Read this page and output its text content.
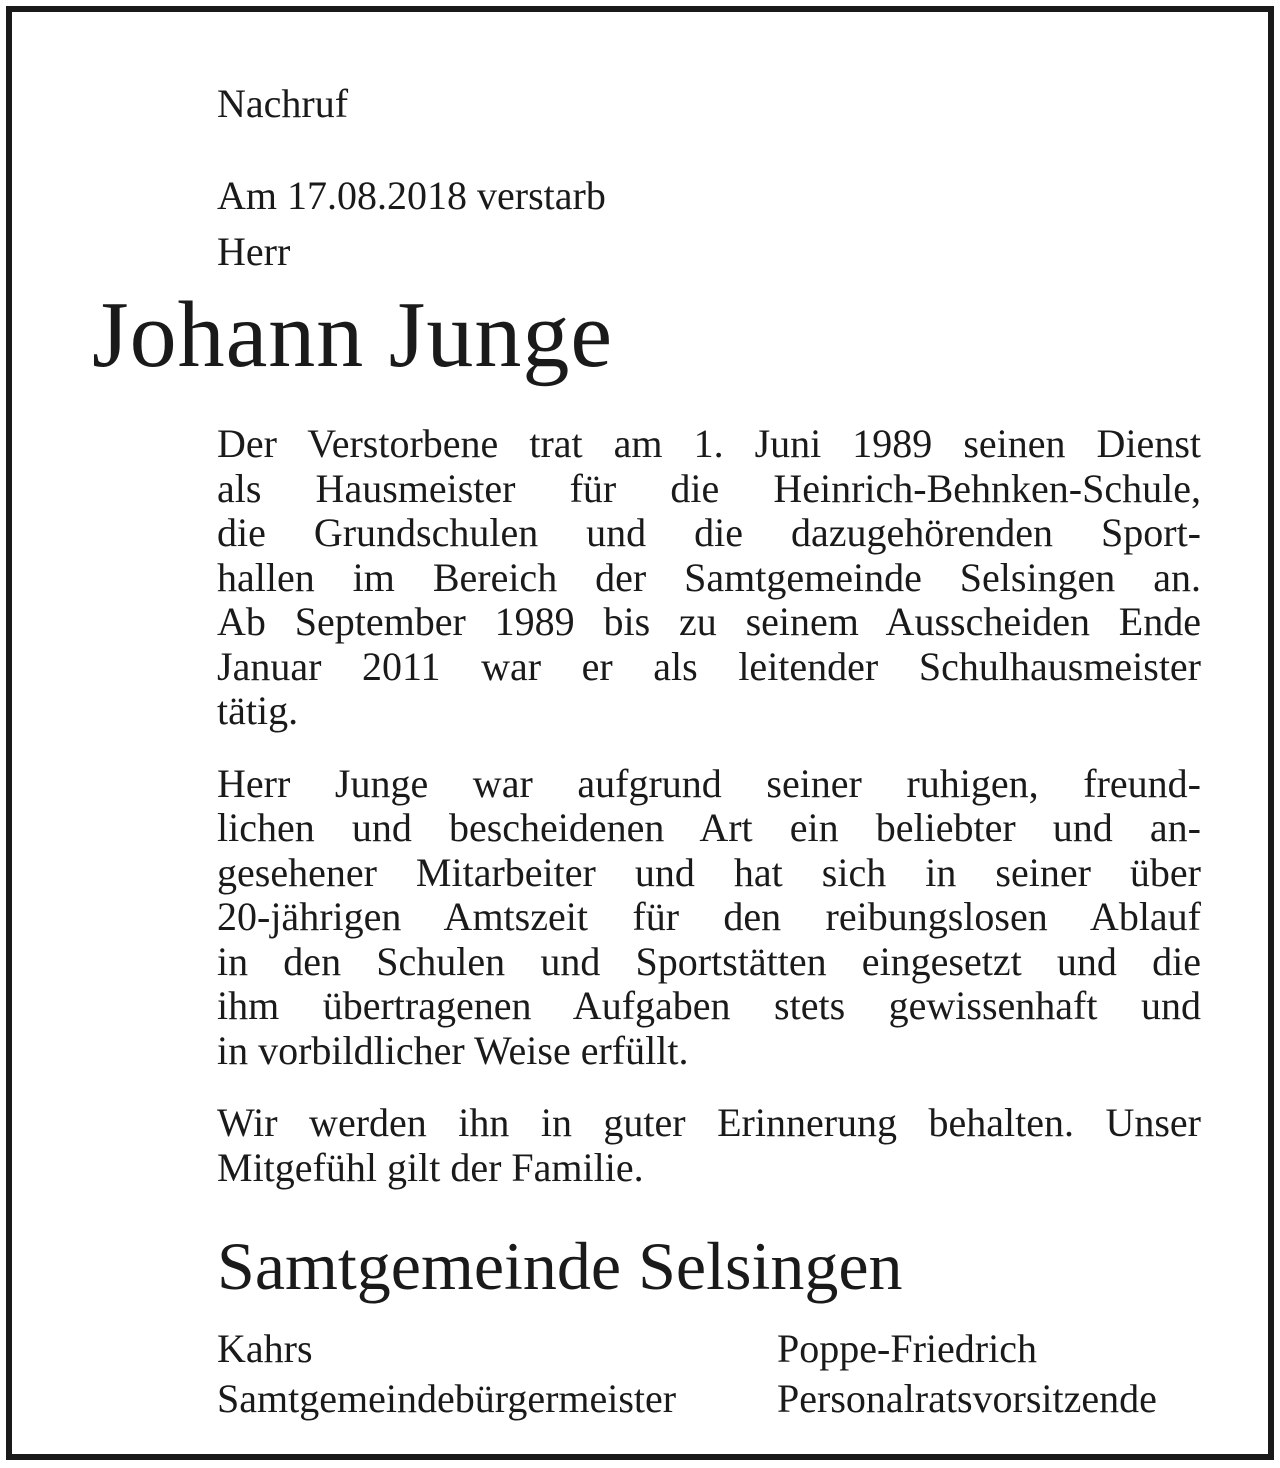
Nachruf
Am 17.08.2018 verstarb
Herr
Johann Junge
Der Verstorbene trat am 1. Juni 1989 seinen Dienst
als Hausmeister für die Heinrich-Behnken-Schule,
die Grundschulen und die dazugehörenden Sport-
hallen im Bereich der Samtgemeinde Selsingen an.
Ab September 1989 bis zu seinem Ausscheiden Ende
Januar 2011 war er als leitender Schulhausmeister
tätig.
Herr Junge war aufgrund seiner ruhigen, freund-
lichen und bescheidenen Art ein beliebter und an-
gesehener Mitarbeiter und hat sich in seiner über
20-jährigen Amtszeit für den reibungslosen Ablauf
in den Schulen und Sportstätten eingesetzt und die
ihm übertragenen Aufgaben stets gewissenhaft und
in vorbildlicher Weise erfüllt.
Wir werden ihn in guter Erinnerung behalten. Unser
Mitgefühl gilt der Familie.
Samtgemeinde Selsingen
Kahrs
Samtgemeindebürgermeister
Poppe-Friedrich
Personalratsvorsitzende
